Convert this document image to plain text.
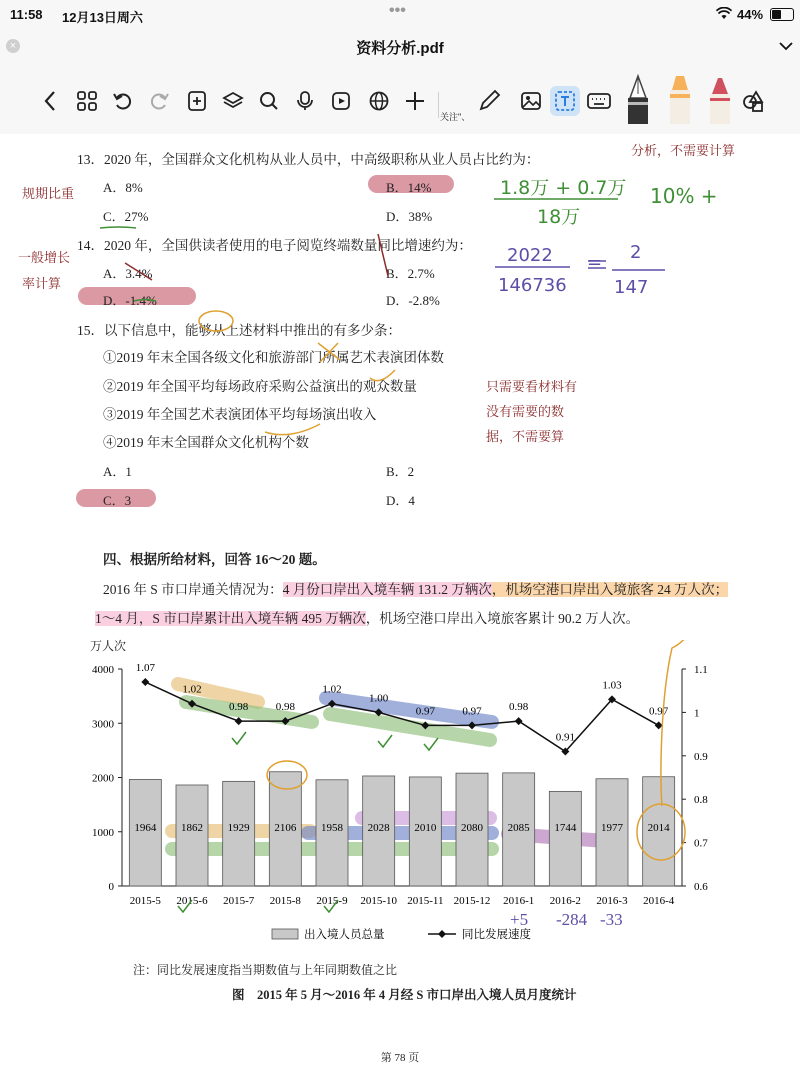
11:58 12月13日周六	•••	44%
×	资料分析.pdf
关注"、
13．2020 年，全国群众文化机构从业人员中，中高级职称从业人员占比约为：
A．8%	B．14%
C．27%	D．38%
14．2020 年，全国供读者使用的电子阅览终端数量同比增速约为：
A．3.4%	B．2.7%
D．-1.4%	D．-2.8%
15．以下信息中，能够从上述材料中推出的有多少条：
①2019 年末全国各级文化和旅游部门所属艺术表演团体数
②2019 年全国平均每场政府采购公益演出的观众数量
③2019 年全国艺术表演团体平均每场演出收入
④2019 年末全国群众文化机构个数
A．1	B．2
C．3	D．4
规期比重
一般增长
率计算
分析，不需要计算
1.8万 + 0.7万
18万
10% +
2022
146736
= 2
147
只需要看材料有
没有需要的数
据，不需要算
四、根据所给材料，回答 16～20 题。
2016 年 S 市口岸通关情况为：4 月份口岸出入境车辆 131.2 万辆次，机场空港口岸出入境旅客 24 万人次；
1～4 月，S 市口岸累计出入境车辆 495 万辆次，机场空港口岸出入境旅客累计 90.2 万人次。
万人次
0
1000
2000
3000
4000
0.6
0.7
0.8
0.9
1
1.1
1964
2015-5
1862
2015-6
1929
2015-7
2106
2015-8
1958
2015-9
2028
2015-10
2010
2015-11
2080
2015-12
2085
2016-1
1744
2016-2
1977
2016-3
2014
2016-4
1.07
1.02
0.98 0.98
1.02
1.00
0.97 0.97 0.98
0.91
1.03
0.97
出入境人员总量	同比发展速度
+5 -284 -33
注：同比发展速度指当期数值与上年同期数值之比
图　2015 年 5 月～2016 年 4 月经 S 市口岸出入境人员月度统计
第 78 页
